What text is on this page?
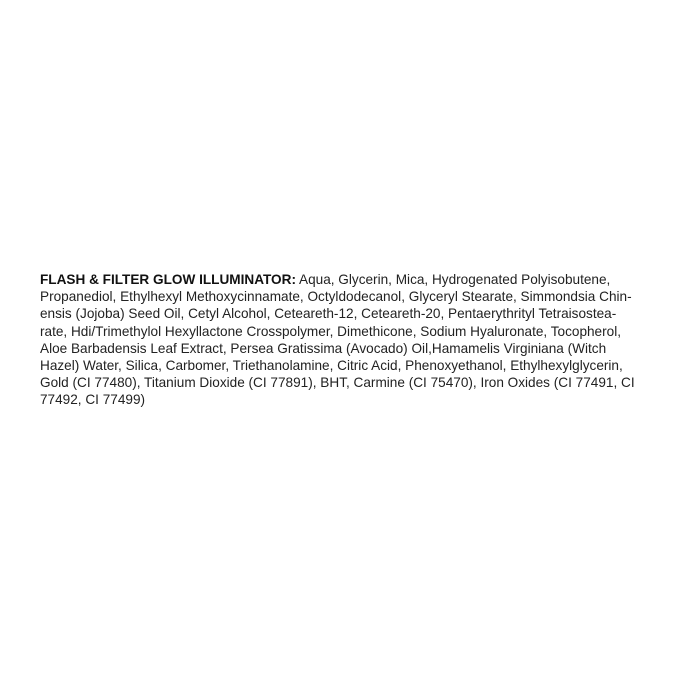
FLASH & FILTER GLOW ILLUMINATOR: Aqua, Glycerin, Mica, Hydrogenated Polyisobutene,
Propanediol, Ethylhexyl Methoxycinnamate, Octyldodecanol, Glyceryl Stearate, Simmondsia Chin-
ensis (Jojoba) Seed Oil, Cetyl Alcohol, Ceteareth-12, Ceteareth-20, Pentaerythrityl Tetraisostea-
rate, Hdi/Trimethylol Hexyllactone Crosspolymer, Dimethicone, Sodium Hyaluronate, Tocopherol,
Aloe Barbadensis Leaf Extract, Persea Gratissima (Avocado) Oil,Hamamelis Virginiana (Witch
Hazel) Water, Silica, Carbomer, Triethanolamine, Citric Acid, Phenoxyethanol, Ethylhexylglycerin,
Gold (CI 77480), Titanium Dioxide (CI 77891), BHT, Carmine (CI 75470), Iron Oxides (CI 77491, CI
77492, CI 77499)
